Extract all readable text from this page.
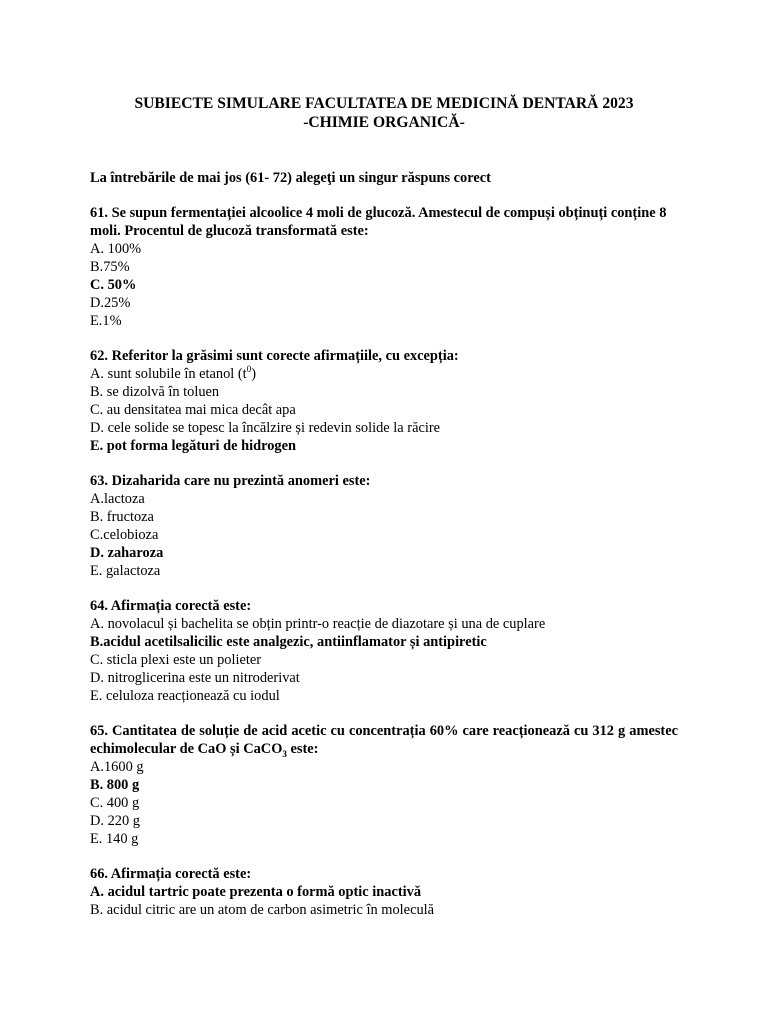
SUBIECTE SIMULARE FACULTATEA DE MEDICINĂ DENTARĂ 2023
-CHIMIE ORGANICĂ-
La întrebările de mai jos (61- 72) alegeţi un singur răspuns corect
61. Se supun fermentației alcoolice 4 moli de glucoză. Amestecul de compuși obținuți conține 8 moli. Procentul de glucoză transformată este:
A. 100%
B.75%
C. 50%
D.25%
E.1%
62. Referitor la grăsimi sunt corecte afirmațiile, cu excepția:
A. sunt solubile în etanol $(t^0)$
B. se dizolvă în toluen
C. au densitatea mai mica decât apa
D. cele solide se topesc la încălzire și redevin solide la răcire
E. pot forma legături de hidrogen
63. Dizaharida care nu prezintă anomeri este:
A.lactoza
B. fructoza
C.celobioza
D. zaharoza
E. galactoza
64. Afirmația corectă este:
A. novolacul și bachelita se obțin printr-o reacție de diazotare și una de cuplare
B.acidul acetilsalicilic este analgezic, antiinflamator și antipiretic
C. sticla plexi este un polieter
D. nitroglicerina este un nitroderivat
E. celuloza reacționează cu iodul
65. Cantitatea de soluție de acid acetic cu concentrația 60% care reacționează cu 312 g amestec echimolecular de CaO și CaCO$_3$ este:
A.1600 g
B. 800 g
C. 400 g
D. 220 g
E. 140 g
66. Afirmația corectă este:
A. acidul tartric poate prezenta o formă optic inactivă
B. acidul citric are un atom de carbon asimetric în moleculă
